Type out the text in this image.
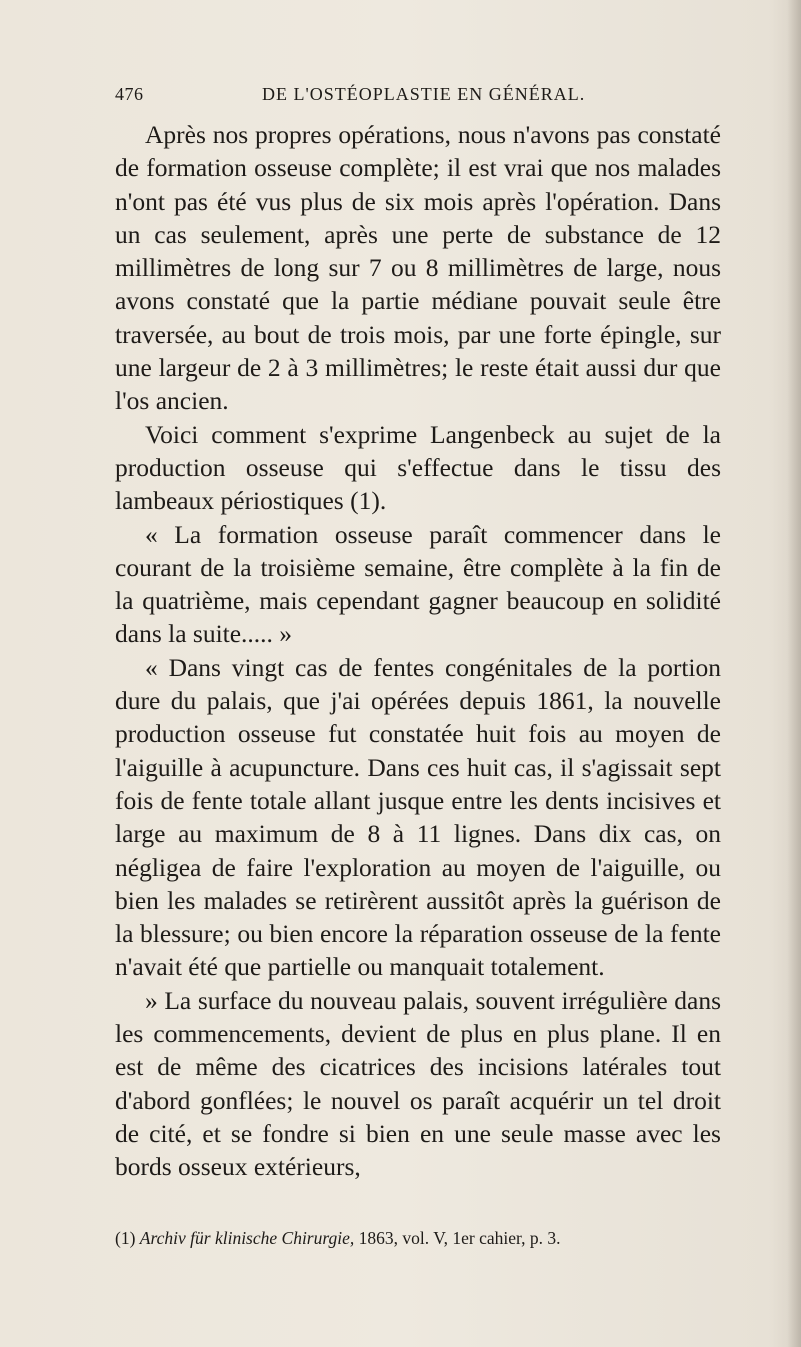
476	DE L'OSTÉOPLASTIE EN GÉNÉRAL.

Après nos propres opérations, nous n'avons pas constaté de formation osseuse complète; il est vrai que nos malades n'ont pas été vus plus de six mois après l'opération. Dans un cas seulement, après une perte de substance de 12 millimètres de long sur 7 ou 8 millimètres de large, nous avons constaté que la partie médiane pouvait seule être traversée, au bout de trois mois, par une forte épingle, sur une largeur de 2 à 3 millimètres; le reste était aussi dur que l'os ancien.

Voici comment s'exprime Langenbeck au sujet de la production osseuse qui s'effectue dans le tissu des lambeaux périostiques (1).

« La formation osseuse paraît commencer dans le courant de la troisième semaine, être complète à la fin de la quatrième, mais cependant gagner beaucoup en solidité dans la suite..... »

« Dans vingt cas de fentes congénitales de la portion dure du palais, que j'ai opérées depuis 1861, la nouvelle production osseuse fut constatée huit fois au moyen de l'aiguille à acupuncture. Dans ces huit cas, il s'agissait sept fois de fente totale allant jusque entre les dents incisives et large au maximum de 8 à 11 lignes. Dans dix cas, on négligea de faire l'exploration au moyen de l'aiguille, ou bien les malades se retirèrent aussitôt après la guérison de la blessure; ou bien encore la réparation osseuse de la fente n'avait été que partielle ou manquait totalement.

» La surface du nouveau palais, souvent irrégulière dans les commencements, devient de plus en plus plane. Il en est de même des cicatrices des incisions latérales tout d'abord gonflées; le nouvel os paraît acquérir un tel droit de cité, et se fondre si bien en une seule masse avec les bords osseux extérieurs,

(1) Archiv für klinische Chirurgie, 1863, vol. V, 1er cahier, p. 3.
